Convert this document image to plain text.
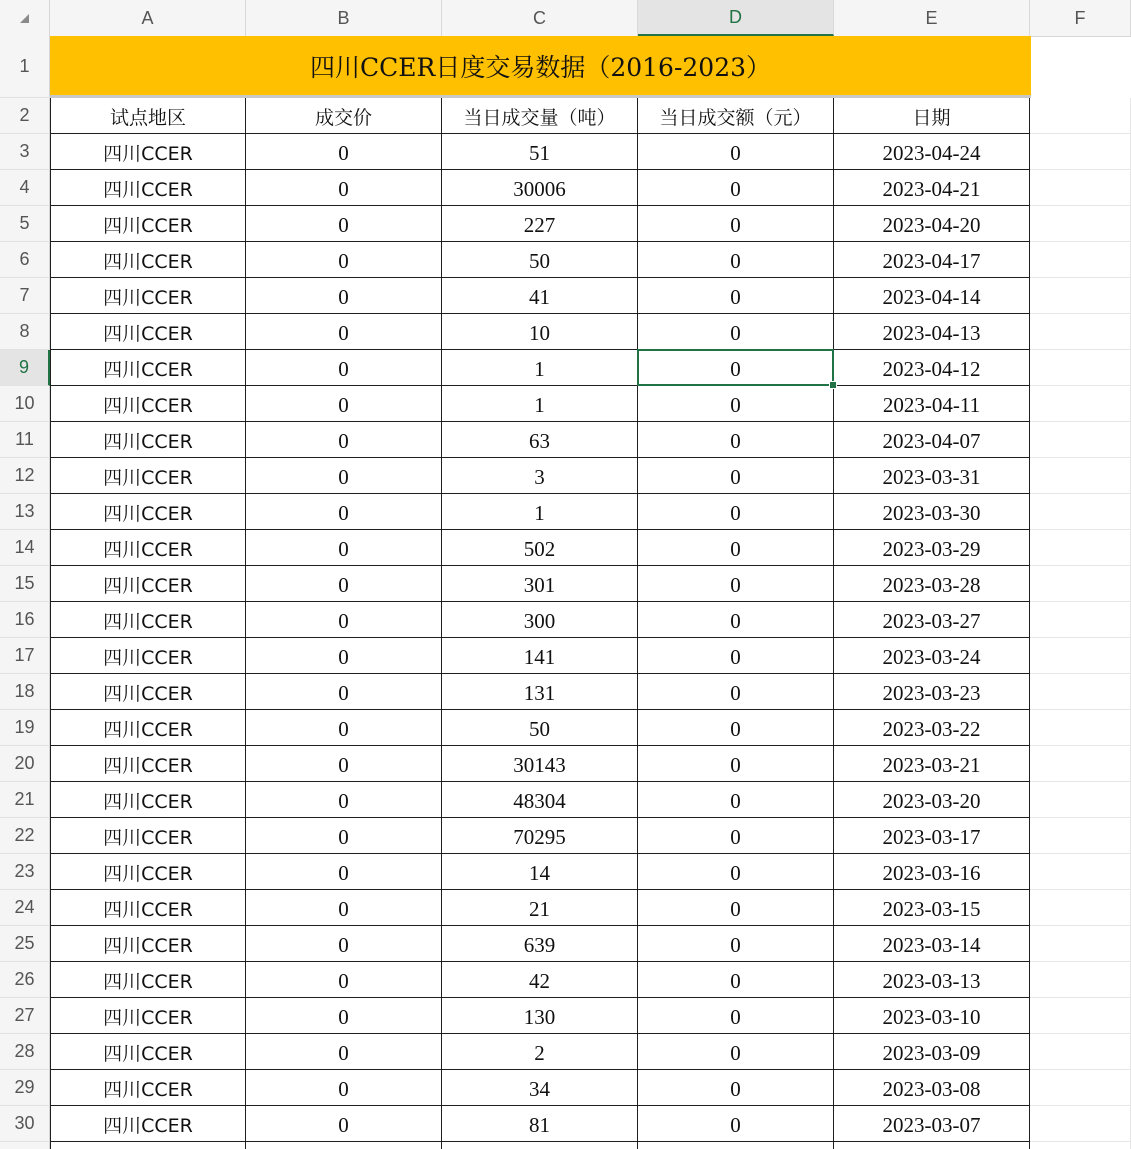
A	B	C	D	E	F
1
2
3
4
5
6
7
8
9
10
11
12
13
14
15
16
17
18
19
20
21
22
23
24
25
26
27
28
29
30
四川CCER日度交易数据（2016-2023）
试点地区	成交价	当日成交量（吨）	当日成交额（元）	日期
四川CCER	0	51	0	2023-04-24
四川CCER	0	30006	0	2023-04-21
四川CCER	0	227	0	2023-04-20
四川CCER	0	50	0	2023-04-17
四川CCER	0	41	0	2023-04-14
四川CCER	0	10	0	2023-04-13
四川CCER	0	1	0	2023-04-12
四川CCER	0	1	0	2023-04-11
四川CCER	0	63	0	2023-04-07
四川CCER	0	3	0	2023-03-31
四川CCER	0	1	0	2023-03-30
四川CCER	0	502	0	2023-03-29
四川CCER	0	301	0	2023-03-28
四川CCER	0	300	0	2023-03-27
四川CCER	0	141	0	2023-03-24
四川CCER	0	131	0	2023-03-23
四川CCER	0	50	0	2023-03-22
四川CCER	0	30143	0	2023-03-21
四川CCER	0	48304	0	2023-03-20
四川CCER	0	70295	0	2023-03-17
四川CCER	0	14	0	2023-03-16
四川CCER	0	21	0	2023-03-15
四川CCER	0	639	0	2023-03-14
四川CCER	0	42	0	2023-03-13
四川CCER	0	130	0	2023-03-10
四川CCER	0	2	0	2023-03-09
四川CCER	0	34	0	2023-03-08
四川CCER	0	81	0	2023-03-07
